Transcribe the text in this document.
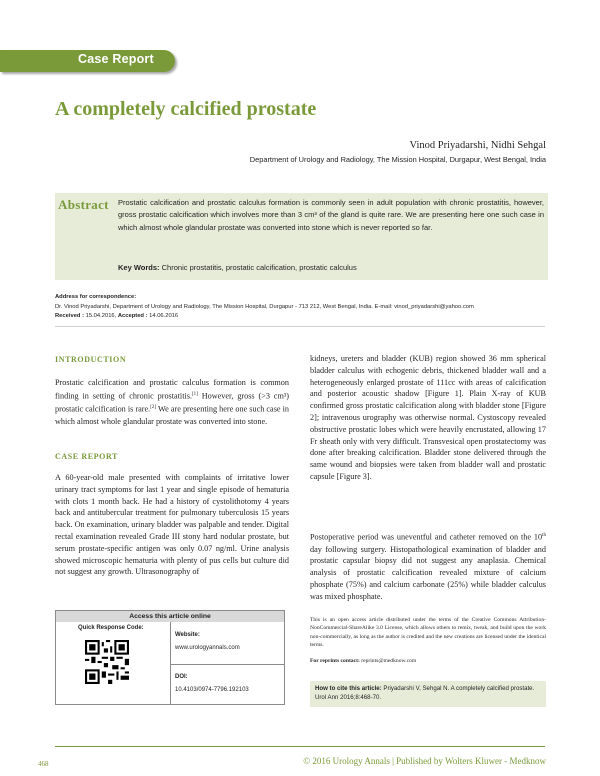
Case Report
A completely calcified prostate
Vinod Priyadarshi, Nidhi Sehgal
Department of Urology and Radiology, The Mission Hospital, Durgapur, West Bengal, India
Abstract Prostatic calcification and prostatic calculus formation is commonly seen in adult population with chronic prostatitis, however, gross prostatic calcification which involves more than 3 cm³ of the gland is quite rare. We are presenting here one such case in which almost whole glandular prostate was converted into stone which is never reported so far.
Key Words: Chronic prostatitis, prostatic calcification, prostatic calculus
Address for correspondence:
Dr. Vinod Priyadarshi, Department of Urology and Radiology, The Mission Hospital, Durgapur - 713 212, West Bengal, India. E-mail: vinod_priyadarshi@yahoo.com
Received : 15.04.2016, Accepted : 14.06.2016
INTRODUCTION

Prostatic calcification and prostatic calculus formation is common finding in setting of chronic prostatitis.[1] However, gross (>3 cm³) prostatic calcification is rare.[2] We are presenting here one such case in which almost whole glandular prostate was converted into stone.

CASE REPORT
A 60-year-old male presented with complaints of irritative lower urinary tract symptoms for last 1 year and single episode of hematuria with clots 1 month back. He had a history of cystolithotomy 4 years back and antitubercular treatment for pulmonary tuberculosis 15 years back. On examination, urinary bladder was palpable and tender. Digital rectal examination revealed Grade III stony hard nodular prostate, but serum prostate-specific antigen was only 0.07 ng/ml. Urine analysis showed microscopic hematuria with plenty of pus cells but culture did not suggest any growth. Ultrasonography of
kidneys, ureters and bladder (KUB) region showed 36 mm spherical bladder calculus with echogenic debris, thickened bladder wall and a heterogeneously enlarged prostate of 111cc with areas of calcification and posterior acoustic shadow [Figure 1]. Plain X-ray of KUB confirmed gross prostatic calcification along with bladder stone [Figure 2]; intravenous urography was otherwise normal. Cystoscopy revealed obstructive prostatic lobes which were heavily encrustated, allowing 17 Fr sheath only with very difficult. Transvesical open prostatectomy was done after breaking calcification. Bladder stone delivered through the same wound and biopsies were taken from bladder wall and prostatic capsule [Figure 3].

Postoperative period was uneventful and catheter removed on the 10th day following surgery. Histopathological examination of bladder and prostatic capsular biopsy did not suggest any anaplasia. Chemical analysis of prostatic calcification revealed mixture of calcium phosphate (75%) and calcium carbonate (25%) while bladder calculus was mixed phosphate.

Access this article online
Quick Response Code:
Website:
www.urologyannals.com
DOI:
10.4103/0974-7796.192103
This is an open access article distributed under the terms of the Creative Commons Attribution-NonCommercial-ShareAlike 3.0 License, which allows others to remix, tweak, and build upon the work non-commercially, as long as the author is credited and the new creations are licensed under the identical terms.
For reprints contact: reprints@medknow.com
How to cite this article: Priyadarshi V, Sehgal N. A completely calcified prostate. Urol Ann 2016;8:468-70.
468	© 2016 Urology Annals | Published by Wolters Kluwer - Medknow
